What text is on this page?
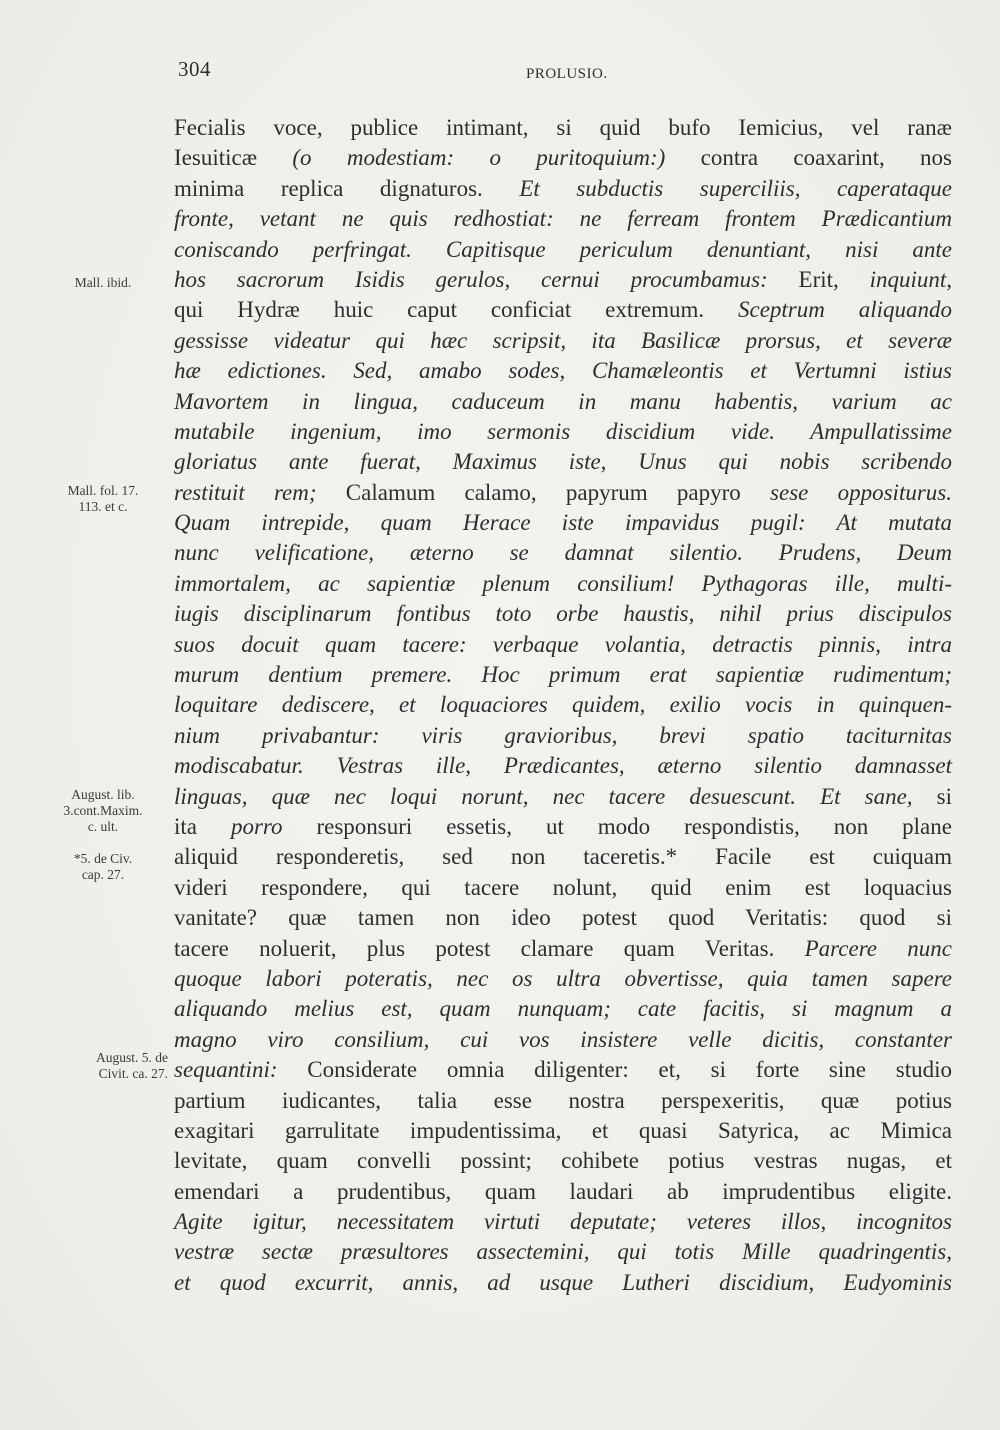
304	PROLUSIO.
Mall. ibid.
Mall. fol. 17.
113. et c.
August. lib.
3.cont.Maxim.
c. ult.
*5. de Civ.
cap. 27.
August. 5. de
Civit. ca. 27.
Fecialis voce, publice intimant, si quid bufo Iemicius, vel ranæ
Iesuiticæ (o modestiam: o puritoquium:) contra coaxarint, nos
minima replica dignaturos. Et subductis superciliis, caperataque
fronte, vetant ne quis redhostiat: ne ferream frontem Prædicantium
coniscando perfringat. Capitisque periculum denuntiant, nisi ante
hos sacrorum Isidis gerulos, cernui procumbamus: Erit, inquiunt,
qui Hydræ huic caput conficiat extremum. Sceptrum aliquando
gessisse videatur qui hæc scripsit, ita Basilicæ prorsus, et severæ
hæ edictiones. Sed, amabo sodes, Chamæleontis et Vertumni istius
Mavortem in lingua, caduceum in manu habentis, varium ac
mutabile ingenium, imo sermonis discidium vide. Ampullatissime
gloriatus ante fuerat, Maximus iste, Unus qui nobis scribendo
restituit rem; Calamum calamo, papyrum papyro sese oppositurus.
Quam intrepide, quam Herace iste impavidus pugil: At mutata
nunc velificatione, æterno se damnat silentio. Prudens, Deum
immortalem, ac sapientiæ plenum consilium! Pythagoras ille, multi-
iugis disciplinarum fontibus toto orbe haustis, nihil prius discipulos
suos docuit quam tacere: verbaque volantia, detractis pinnis, intra
murum dentium premere. Hoc primum erat sapientiæ rudimentum;
loquitare dediscere, et loquaciores quidem, exilio vocis in quinquen-
nium privabantur: viris gravioribus, brevi spatio taciturnitas
modiscabatur. Vestras ille, Prædicantes, æterno silentio damnasset
linguas, quæ nec loqui norunt, nec tacere desuescunt. Et sane, si
ita porro responsuri essetis, ut modo respondistis, non plane
aliquid responderetis, sed non taceretis.* Facile est cuiquam
videri respondere, qui tacere nolunt, quid enim est loquacius
vanitate? quæ tamen non ideo potest quod Veritatis: quod si
tacere noluerit, plus potest clamare quam Veritas. Parcere nunc
quoque labori poteratis, nec os ultra obvertisse, quia tamen sapere
aliquando melius est, quam nunquam; cate facitis, si magnum a
magno viro consilium, cui vos insistere velle dicitis, constanter
sequantini: Considerate omnia diligenter: et, si forte sine studio
partium iudicantes, talia esse nostra perspexeritis, quæ potius
exagitari garrulitate impudentissima, et quasi Satyrica, ac Mimica
levitate, quam convelli possint; cohibete potius vestras nugas, et
emendari a prudentibus, quam laudari ab imprudentibus eligite.
Agite igitur, necessitatem virtuti deputate; veteres illos, incognitos
vestræ sectæ præsultores assectemini, qui totis Mille quadringentis,
et quod excurrit, annis, ad usque Lutheri discidium, Eudyominis
